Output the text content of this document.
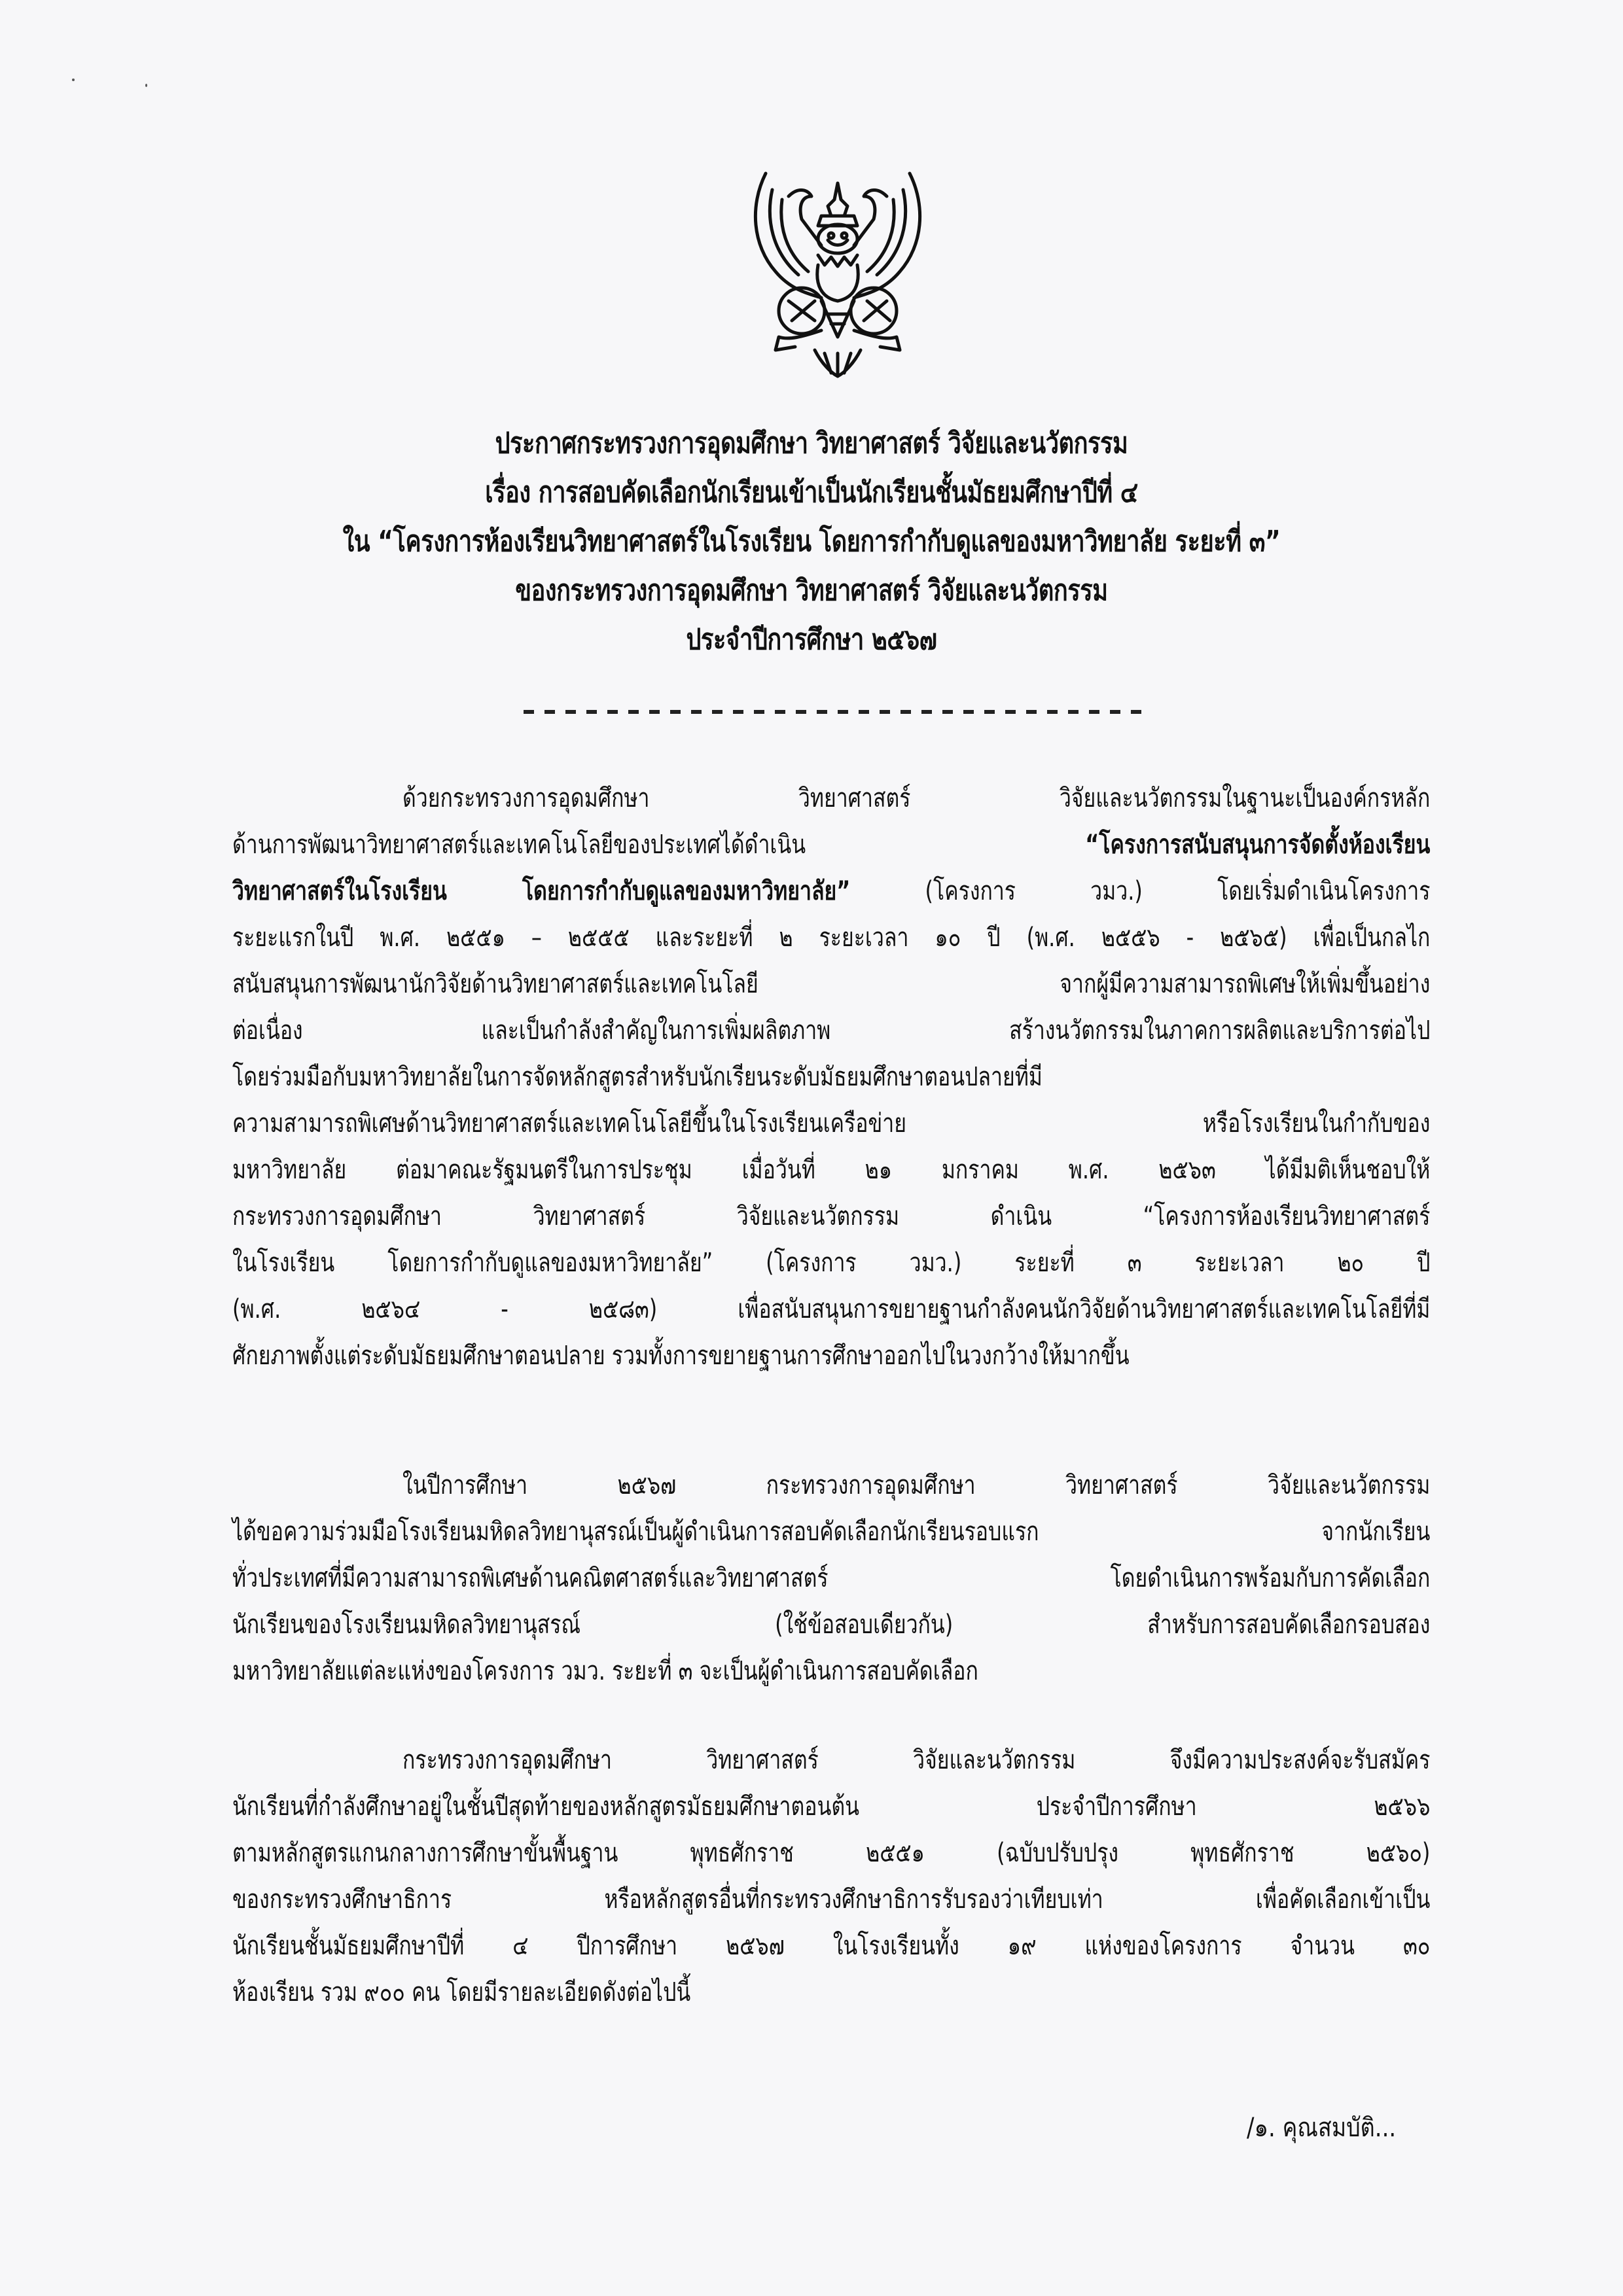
ประกาศกระทรวงการอุดมศึกษา วิทยาศาสตร์ วิจัยและนวัตกรรม
เรื่อง การสอบคัดเลือกนักเรียนเข้าเป็นนักเรียนชั้นมัธยมศึกษาปีที่ ๔
ใน “โครงการห้องเรียนวิทยาศาสตร์ในโรงเรียน โดยการกำกับดูแลของมหาวิทยาลัย ระยะที่ ๓”
ของกระทรวงการอุดมศึกษา วิทยาศาสตร์ วิจัยและนวัตกรรม
ประจำปีการศึกษา ๒๕๖๗
ด้วยกระทรวงการอุดมศึกษา วิทยาศาสตร์ วิจัยและนวัตกรรมในฐานะเป็นองค์กรหลัก
ด้านการพัฒนาวิทยาศาสตร์และเทคโนโลยีของประเทศได้ดำเนิน	“โครงการสนับสนุนการจัดตั้งห้องเรียน
วิทยาศาสตร์ในโรงเรียน โดยการกำกับดูแลของมหาวิทยาลัย” (โครงการ วมว.) โดยเริ่มดำเนินโครงการ
ระยะแรกในปี พ.ศ. ๒๕๕๑ – ๒๕๕๕ และระยะที่ ๒ ระยะเวลา ๑๐ ปี (พ.ศ. ๒๕๕๖ - ๒๕๖๕) เพื่อเป็นกลไก
สนับสนุนการพัฒนานักวิจัยด้านวิทยาศาสตร์และเทคโนโลยี จากผู้มีความสามารถพิเศษให้เพิ่มขึ้นอย่าง
ต่อเนื่อง และเป็นกำลังสำคัญในการเพิ่มผลิตภาพ สร้างนวัตกรรมในภาคการผลิตและบริการต่อไป
โดยร่วมมือกับมหาวิทยาลัยในการจัดหลักสูตรสำหรับนักเรียนระดับมัธยมศึกษาตอนปลายที่มี
ความสามารถพิเศษด้านวิทยาศาสตร์และเทคโนโลยีขึ้นในโรงเรียนเครือข่าย หรือโรงเรียนในกำกับของ
มหาวิทยาลัย ต่อมาคณะรัฐมนตรีในการประชุม เมื่อวันที่ ๒๑ มกราคม พ.ศ. ๒๕๖๓ ได้มีมติเห็นชอบให้
กระทรวงการอุดมศึกษา วิทยาศาสตร์ วิจัยและนวัตกรรม ดำเนิน “โครงการห้องเรียนวิทยาศาสตร์
ในโรงเรียน โดยการกำกับดูแลของมหาวิทยาลัย” (โครงการ วมว.) ระยะที่ ๓ ระยะเวลา ๒๐ ปี
(พ.ศ. ๒๕๖๔ - ๒๕๘๓) เพื่อสนับสนุนการขยายฐานกำลังคนนักวิจัยด้านวิทยาศาสตร์และเทคโนโลยีที่มี
ศักยภาพตั้งแต่ระดับมัธยมศึกษาตอนปลาย รวมทั้งการขยายฐานการศึกษาออกไปในวงกว้างให้มากขึ้น
ในปีการศึกษา ๒๕๖๗ กระทรวงการอุดมศึกษา วิทยาศาสตร์ วิจัยและนวัตกรรม
ได้ขอความร่วมมือโรงเรียนมหิดลวิทยานุสรณ์เป็นผู้ดำเนินการสอบคัดเลือกนักเรียนรอบแรก จากนักเรียน
ทั่วประเทศที่มีความสามารถพิเศษด้านคณิตศาสตร์และวิทยาศาสตร์ โดยดำเนินการพร้อมกับการคัดเลือก
นักเรียนของโรงเรียนมหิดลวิทยานุสรณ์ (ใช้ข้อสอบเดียวกัน) สำหรับการสอบคัดเลือกรอบสอง
มหาวิทยาลัยแต่ละแห่งของโครงการ วมว. ระยะที่ ๓ จะเป็นผู้ดำเนินการสอบคัดเลือก
กระทรวงการอุดมศึกษา วิทยาศาสตร์ วิจัยและนวัตกรรม จึงมีความประสงค์จะรับสมัคร
นักเรียนที่กำลังศึกษาอยู่ในชั้นปีสุดท้ายของหลักสูตรมัธยมศึกษาตอนต้น ประจำปีการศึกษา ๒๕๖๖
ตามหลักสูตรแกนกลางการศึกษาขั้นพื้นฐาน พุทธศักราช ๒๕๕๑ (ฉบับปรับปรุง พุทธศักราช ๒๕๖๐)
ของกระทรวงศึกษาธิการ หรือหลักสูตรอื่นที่กระทรวงศึกษาธิการรับรองว่าเทียบเท่า เพื่อคัดเลือกเข้าเป็น
นักเรียนชั้นมัธยมศึกษาปีที่ ๔ ปีการศึกษา ๒๕๖๗ ในโรงเรียนทั้ง ๑๙ แห่งของโครงการ จำนวน ๓๐
ห้องเรียน รวม ๙๐๐ คน โดยมีรายละเอียดดังต่อไปนี้
/๑. คุณสมบัติ...
